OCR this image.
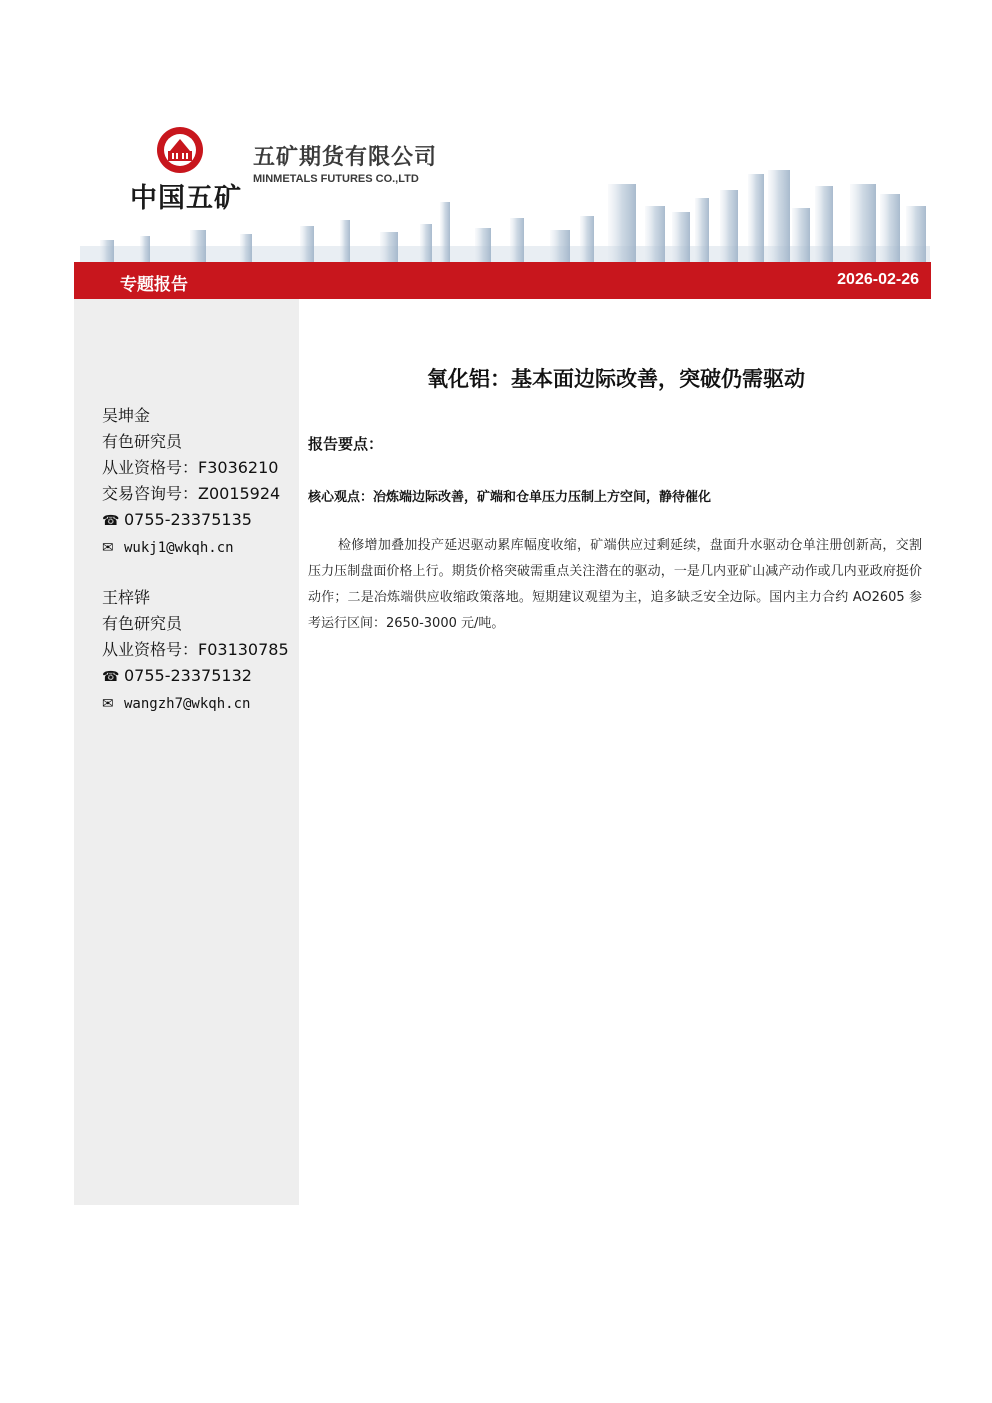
中国五矿
五矿期货有限公司
MINMETALS FUTURES CO.,LTD
专题报告	2026-02-26
吴坤金
有色研究员
从业资格号：F3036210
交易咨询号：Z0015924
☎ 0755-23375135
✉ wukj1@wkqh.cn
王梓铧
有色研究员
从业资格号：F03130785
☎ 0755-23375132
✉ wangzh7@wkqh.cn
氧化铝：基本面边际改善，突破仍需驱动
报告要点：
核心观点：冶炼端边际改善，矿端和仓单压力压制上方空间，静待催化
检修增加叠加投产延迟驱动累库幅度收缩，矿端供应过剩延续，盘面升水驱动仓单注册创新高，交割压力压制盘面价格上行。期货价格突破需重点关注潜在的驱动，一是几内亚矿山减产动作或几内亚政府挺价动作；二是冶炼端供应收缩政策落地。短期建议观望为主，追多缺乏安全边际。国内主力合约 AO2605 参考运行区间：2650-3000 元/吨。
